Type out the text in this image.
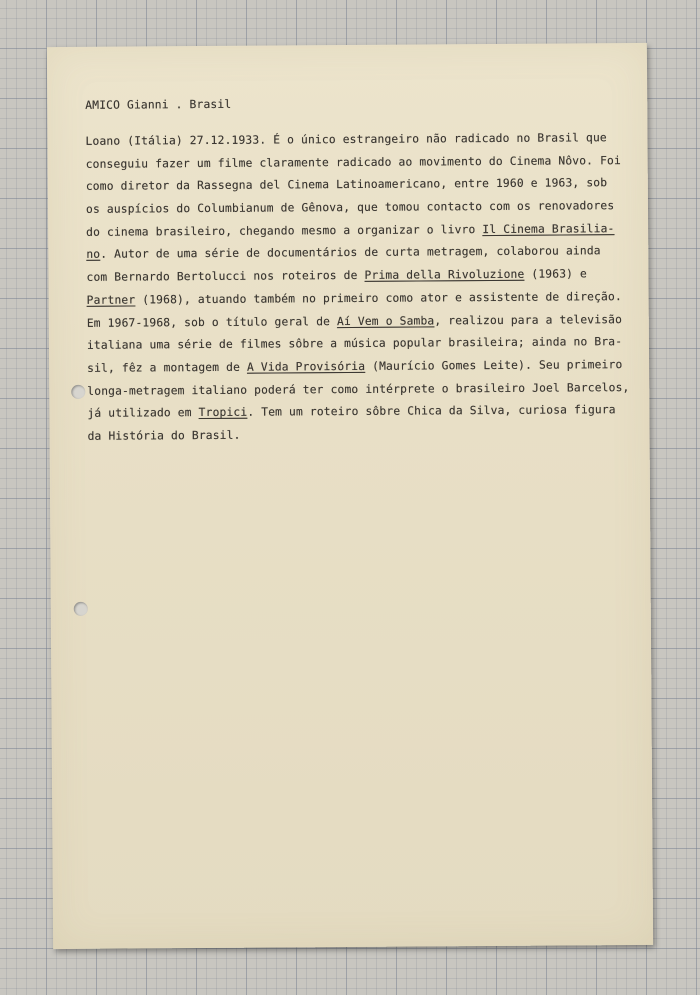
AMICO Gianni . Brasil
Loano (Itália) 27.12.1933. É o único estrangeiro não radicado no Brasil que
conseguiu fazer um filme claramente radicado ao movimento do Cinema Nôvo. Foi
como diretor da Rassegna del Cinema Latinoamericano, entre 1960 e 1963, sob
os auspícios do Columbianum de Gênova, que tomou contacto com os renovadores
do cinema brasileiro, chegando mesmo a organizar o livro Il Cinema Brasilia-
no. Autor de uma série de documentários de curta metragem, colaborou ainda
com Bernardo Bertolucci nos roteiros de Prima della Rivoluzione (1963) e
Partner (1968), atuando também no primeiro como ator e assistente de direção.
Em 1967-1968, sob o título geral de Aí Vem o Samba, realizou para a televisão
italiana uma série de filmes sôbre a música popular brasileira; ainda no Bra-
sil, fêz a montagem de A Vida Provisória (Maurício Gomes Leite). Seu primeiro
longa-metragem italiano poderá ter como intérprete o brasileiro Joel Barcelos,
já utilizado em Tropici. Tem um roteiro sôbre Chica da Silva, curiosa figura
da História do Brasil.
